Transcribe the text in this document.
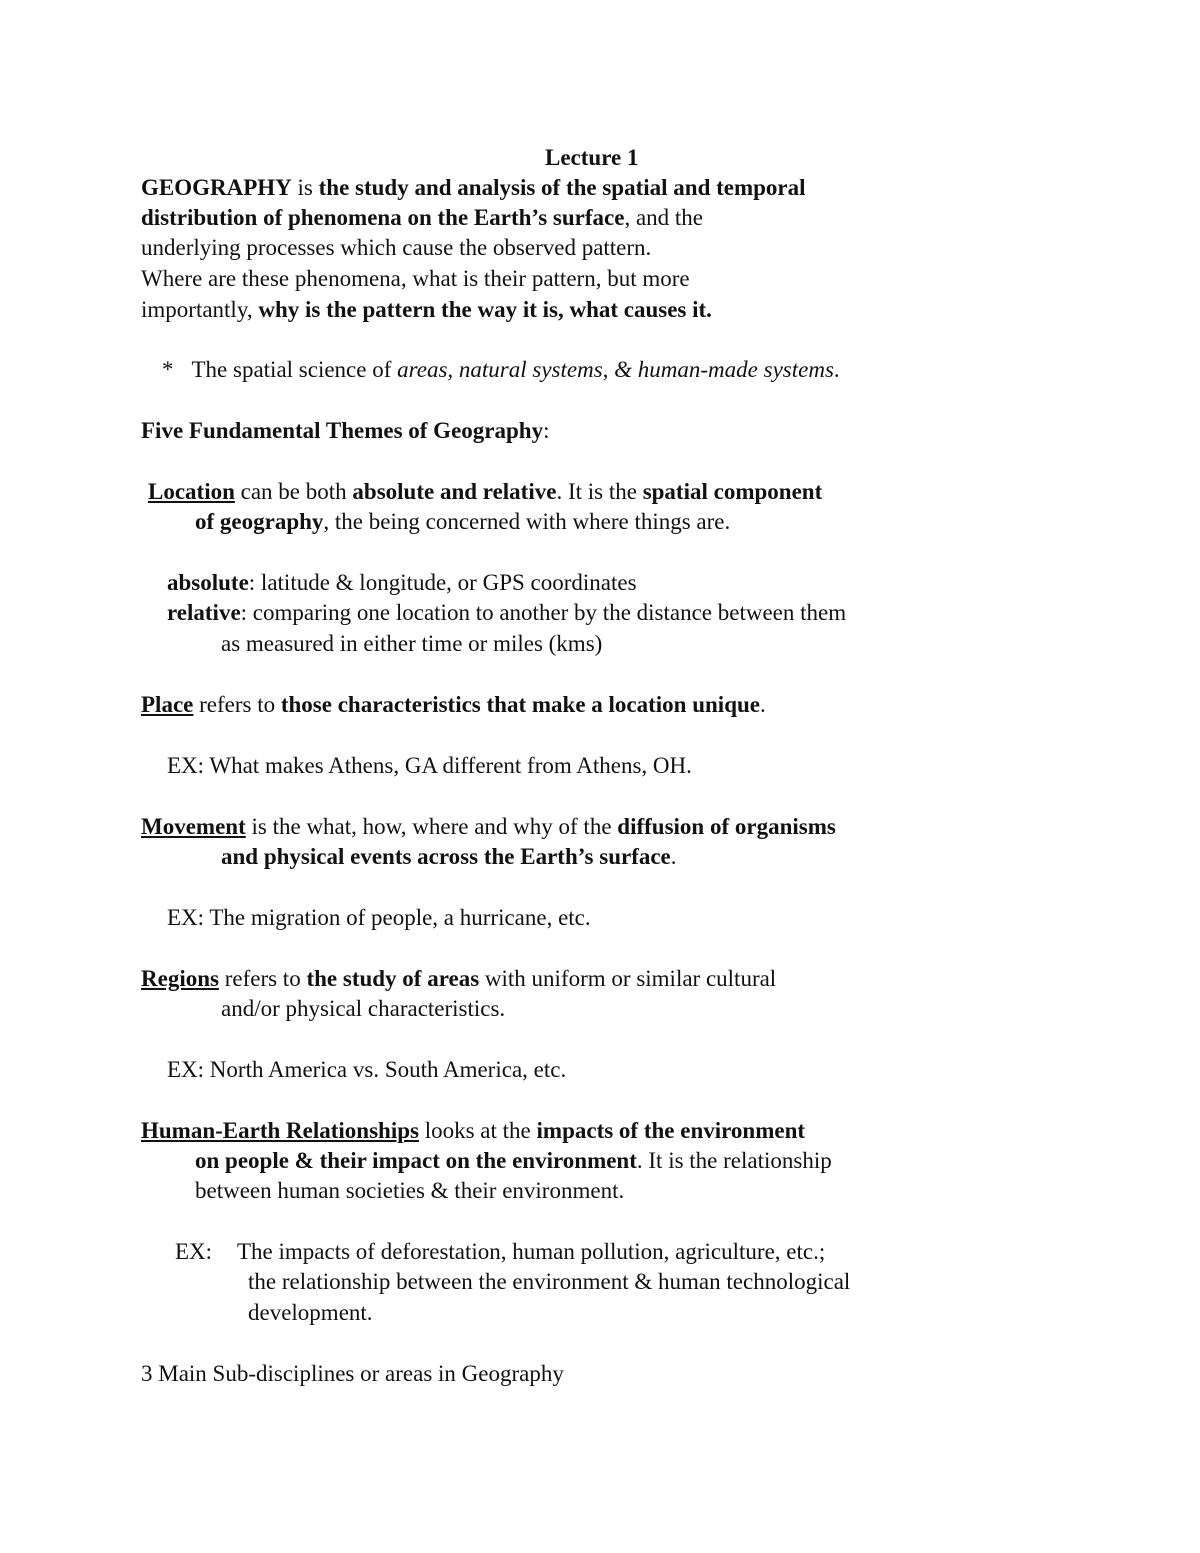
Lecture 1
GEOGRAPHY is the study and analysis of the spatial and temporal
distribution of phenomena on the Earth’s surface, and the
underlying processes which cause the observed pattern.
Where are these phenomena, what is their pattern, but more
importantly, why is the pattern the way it is, what causes it.
* The spatial science of areas, natural systems, & human-made systems.
Five Fundamental Themes of Geography:
Location can be both absolute and relative. It is the spatial component
of geography, the being concerned with where things are.
absolute: latitude & longitude, or GPS coordinates
relative: comparing one location to another by the distance between them
as measured in either time or miles (kms)
Place refers to those characteristics that make a location unique.
EX: What makes Athens, GA different from Athens, OH.
Movement is the what, how, where and why of the diffusion of organisms
and physical events across the Earth’s surface.
EX: The migration of people, a hurricane, etc.
Regions refers to the study of areas with uniform or similar cultural
and/or physical characteristics.
EX: North America vs. South America, etc.
Human-Earth Relationships looks at the impacts of the environment
on people & their impact on the environment. It is the relationship
between human societies & their environment.
EX: The impacts of deforestation, human pollution, agriculture, etc.;
the relationship between the environment & human technological
development.
3 Main Sub-disciplines or areas in Geography
